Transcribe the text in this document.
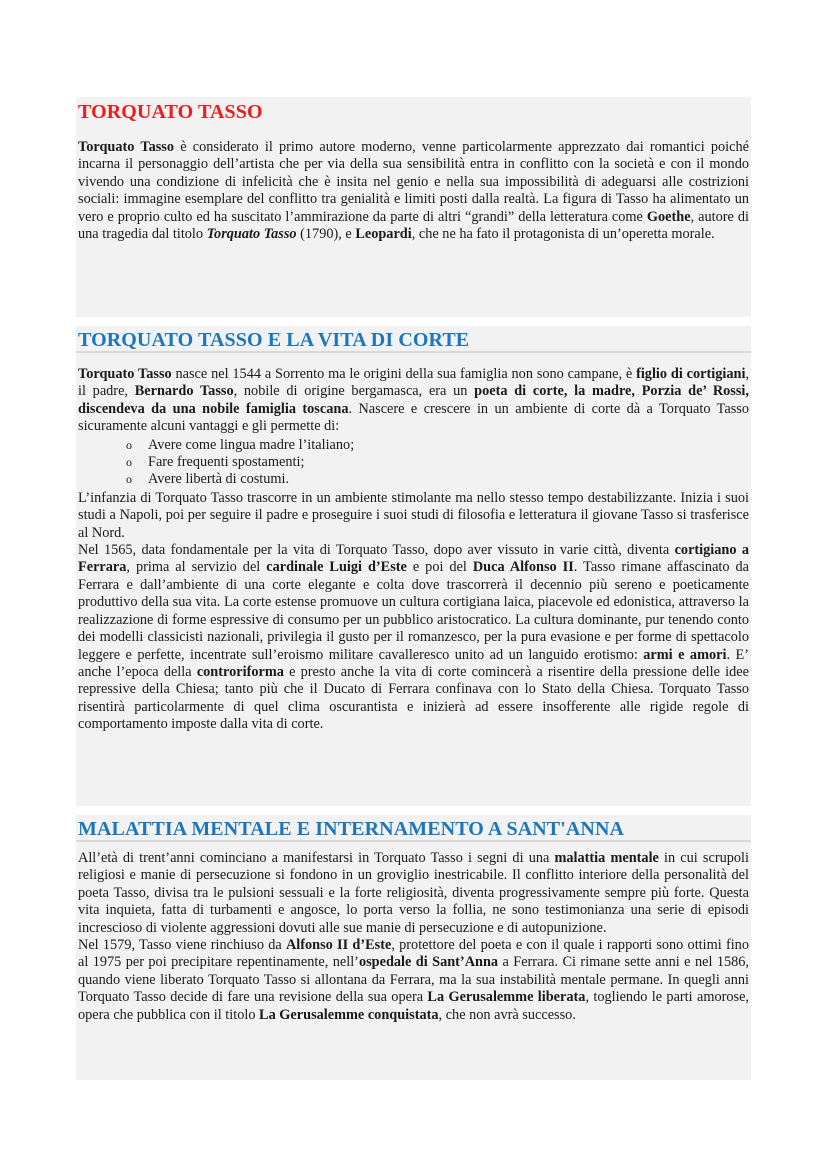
TORQUATO TASSO

Torquato Tasso è considerato il primo autore moderno, venne particolarmente apprezzato dai romantici poiché incarna il personaggio dell’artista che per via della sua sensibilità entra in conflitto con la società e con il mondo vivendo una condizione di infelicità che è insita nel genio e nella sua impossibilità di adeguarsi alle costrizioni sociali: immagine esemplare del conflitto tra genialità e limiti posti dalla realtà. La figura di Tasso ha alimentato un vero e proprio culto ed ha suscitato l’ammirazione da parte di altri “grandi” della letteratura come Goethe, autore di una tragedia dal titolo Torquato Tasso (1790), e Leopardi, che ne ha fato il protagonista di un’operetta morale.

TORQUATO TASSO E LA VITA DI CORTE

Torquato Tasso nasce nel 1544 a Sorrento ma le origini della sua famiglia non sono campane, è figlio di cortigiani, il padre, Bernardo Tasso, nobile di origine bergamasca, era un poeta di corte, la madre, Porzia de’ Rossi, discendeva da una nobile famiglia toscana. Nascere e crescere in un ambiente di corte dà a Torquato Tasso sicuramente alcuni vantaggi e gli permette di:

o Avere come lingua madre l’italiano;
o Fare frequenti spostamenti;
o Avere libertà di costumi.

L’infanzia di Torquato Tasso trascorre in un ambiente stimolante ma nello stesso tempo destabilizzante. Inizia i suoi studi a Napoli, poi per seguire il padre e proseguire i suoi studi di filosofia e letteratura il giovane Tasso si trasferisce al Nord.

Nel 1565, data fondamentale per la vita di Torquato Tasso, dopo aver vissuto in varie città, diventa cortigiano a Ferrara, prima al servizio del cardinale Luigi d’Este e poi del Duca Alfonso II. Tasso rimane affascinato da Ferrara e dall’ambiente di una corte elegante e colta dove trascorrerà il decennio più sereno e poeticamente produttivo della sua vita. La corte estense promuove un cultura cortigiana laica, piacevole ed edonistica, attraverso la realizzazione di forme espressive di consumo per un pubblico aristocratico. La cultura dominante, pur tenendo conto dei modelli classicisti nazionali, privilegia il gusto per il romanzesco, per la pura evasione e per forme di spettacolo leggere e perfette, incentrate sull’eroismo militare cavalleresco unito ad un languido erotismo: armi e amori. E’ anche l’epoca della controriforma e presto anche la vita di corte comincerà a risentire della pressione delle idee repressive della Chiesa; tanto più che il Ducato di Ferrara confinava con lo Stato della Chiesa. Torquato Tasso risentirà particolarmente di quel clima oscurantista e inizierà ad essere insofferente alle rigide regole di comportamento imposte dalla vita di corte.

MALATTIA MENTALE E INTERNAMENTO A SANT'ANNA

All’età di trent’anni cominciano a manifestarsi in Torquato Tasso i segni di una malattia mentale in cui scrupoli religiosi e manie di persecuzione si fondono in un groviglio inestricabile. Il conflitto interiore della personalità del poeta Tasso, divisa tra le pulsioni sessuali e la forte religiosità, diventa progressivamente sempre più forte. Questa vita inquieta, fatta di turbamenti e angosce, lo porta verso la follia, ne sono testimonianza una serie di episodi increscioso di violente aggressioni dovuti alle sue manie di persecuzione e di autopunizione.

Nel 1579, Tasso viene rinchiuso da Alfonso II d’Este, protettore del poeta e con il quale i rapporti sono ottimi fino al 1975 per poi precipitare repentinamente, nell’ospedale di Sant’Anna a Ferrara. Ci rimane sette anni e nel 1586, quando viene liberato Torquato Tasso si allontana da Ferrara, ma la sua instabilità mentale permane. In quegli anni Torquato Tasso decide di fare una revisione della sua opera La Gerusalemme liberata, togliendo le parti amorose, opera che pubblica con il titolo La Gerusalemme conquistata, che non avrà successo.
